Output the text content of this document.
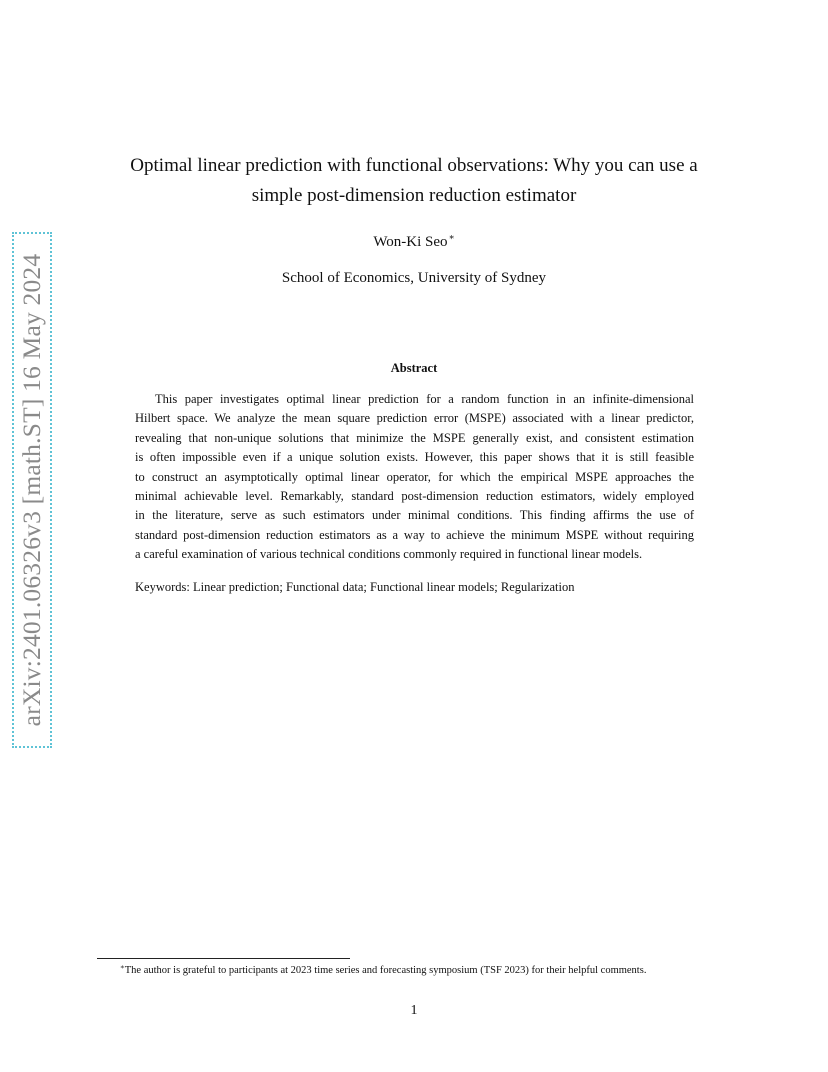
arXiv:2401.06326v3 [math.ST] 16 May 2024
Optimal linear prediction with functional observations: Why you can use a
simple post-dimension reduction estimator
Won-Ki Seo∗
School of Economics, University of Sydney
Abstract
This paper investigates optimal linear prediction for a random function in an infinite-dimensional
Hilbert space. We analyze the mean square prediction error (MSPE) associated with a linear predictor,
revealing that non-unique solutions that minimize the MSPE generally exist, and consistent estimation
is often impossible even if a unique solution exists. However, this paper shows that it is still feasible
to construct an asymptotically optimal linear operator, for which the empirical MSPE approaches the
minimal achievable level. Remarkably, standard post-dimension reduction estimators, widely employed
in the literature, serve as such estimators under minimal conditions. This finding affirms the use of
standard post-dimension reduction estimators as a way to achieve the minimum MSPE without requiring
a careful examination of various technical conditions commonly required in functional linear models.
Keywords: Linear prediction; Functional data; Functional linear models; Regularization
∗The author is grateful to participants at 2023 time series and forecasting symposium (TSF 2023) for their helpful comments.
1
